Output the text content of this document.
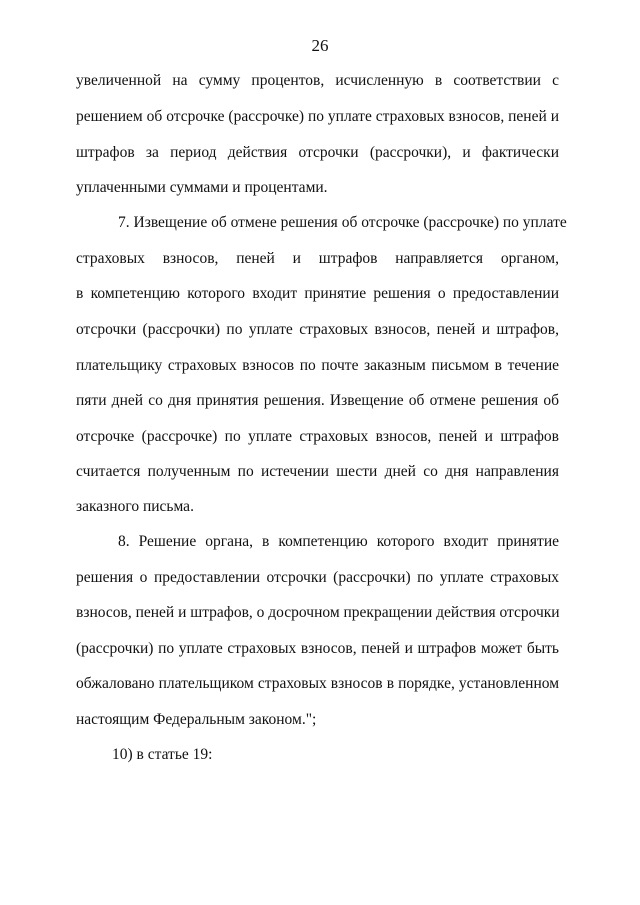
26
увеличенной на сумму процентов, исчисленную в соответствии с
решением об отсрочке (рассрочке) по уплате страховых взносов, пеней и
штрафов за период действия отсрочки (рассрочки), и фактически
уплаченными суммами и процентами.
7. Извещение об отмене решения об отсрочке (рассрочке) по уплате
страховых взносов, пеней и штрафов направляется органом,
в компетенцию которого входит принятие решения о предоставлении
отсрочки (рассрочки) по уплате страховых взносов, пеней и штрафов,
плательщику страховых взносов по почте заказным письмом в течение
пяти дней со дня принятия решения. Извещение об отмене решения об
отсрочке (рассрочке) по уплате страховых взносов, пеней и штрафов
считается полученным по истечении шести дней со дня направления
заказного письма.
8. Решение органа, в компетенцию которого входит принятие
решения о предоставлении отсрочки (рассрочки) по уплате страховых
взносов, пеней и штрафов, о досрочном прекращении действия отсрочки
(рассрочки) по уплате страховых взносов, пеней и штрафов может быть
обжаловано плательщиком страховых взносов в порядке, установленном
настоящим Федеральным законом.";
10) в статье 19:
